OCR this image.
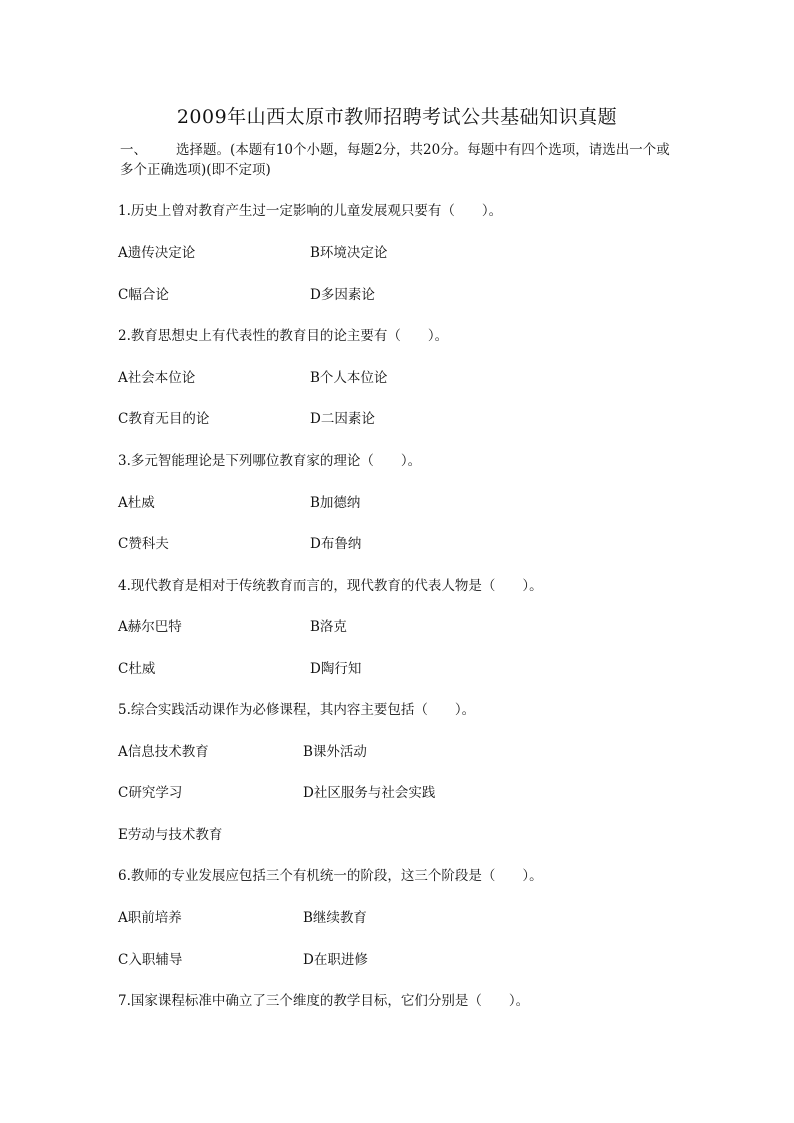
2009年山西太原市教师招聘考试公共基础知识真题
一、 选择题。(本题有10个小题，每题2分，共20分。每题中有四个选项，请选出一个或多个正确选项)(即不定项)
1.历史上曾对教育产生过一定影响的儿童发展观只要有（　　）。
A遗传决定论	B环境决定论
C幅合论	D多因素论
2.教育思想史上有代表性的教育目的论主要有（　　）。
A社会本位论	B个人本位论
C教育无目的论	D二因素论
3.多元智能理论是下列哪位教育家的理论（　　）。
A杜威	B加德纳
C赞科夫	D布鲁纳
4.现代教育是相对于传统教育而言的，现代教育的代表人物是（　　）。
A赫尔巴特	B洛克
C杜威	D陶行知
5.综合实践活动课作为必修课程，其内容主要包括（　　）。
A信息技术教育	B课外活动
C研究学习	D社区服务与社会实践
E劳动与技术教育
6.教师的专业发展应包括三个有机统一的阶段，这三个阶段是（　　）。
A职前培养	B继续教育
C入职辅导	D在职进修
7.国家课程标准中确立了三个维度的教学目标，它们分别是（　　）。
